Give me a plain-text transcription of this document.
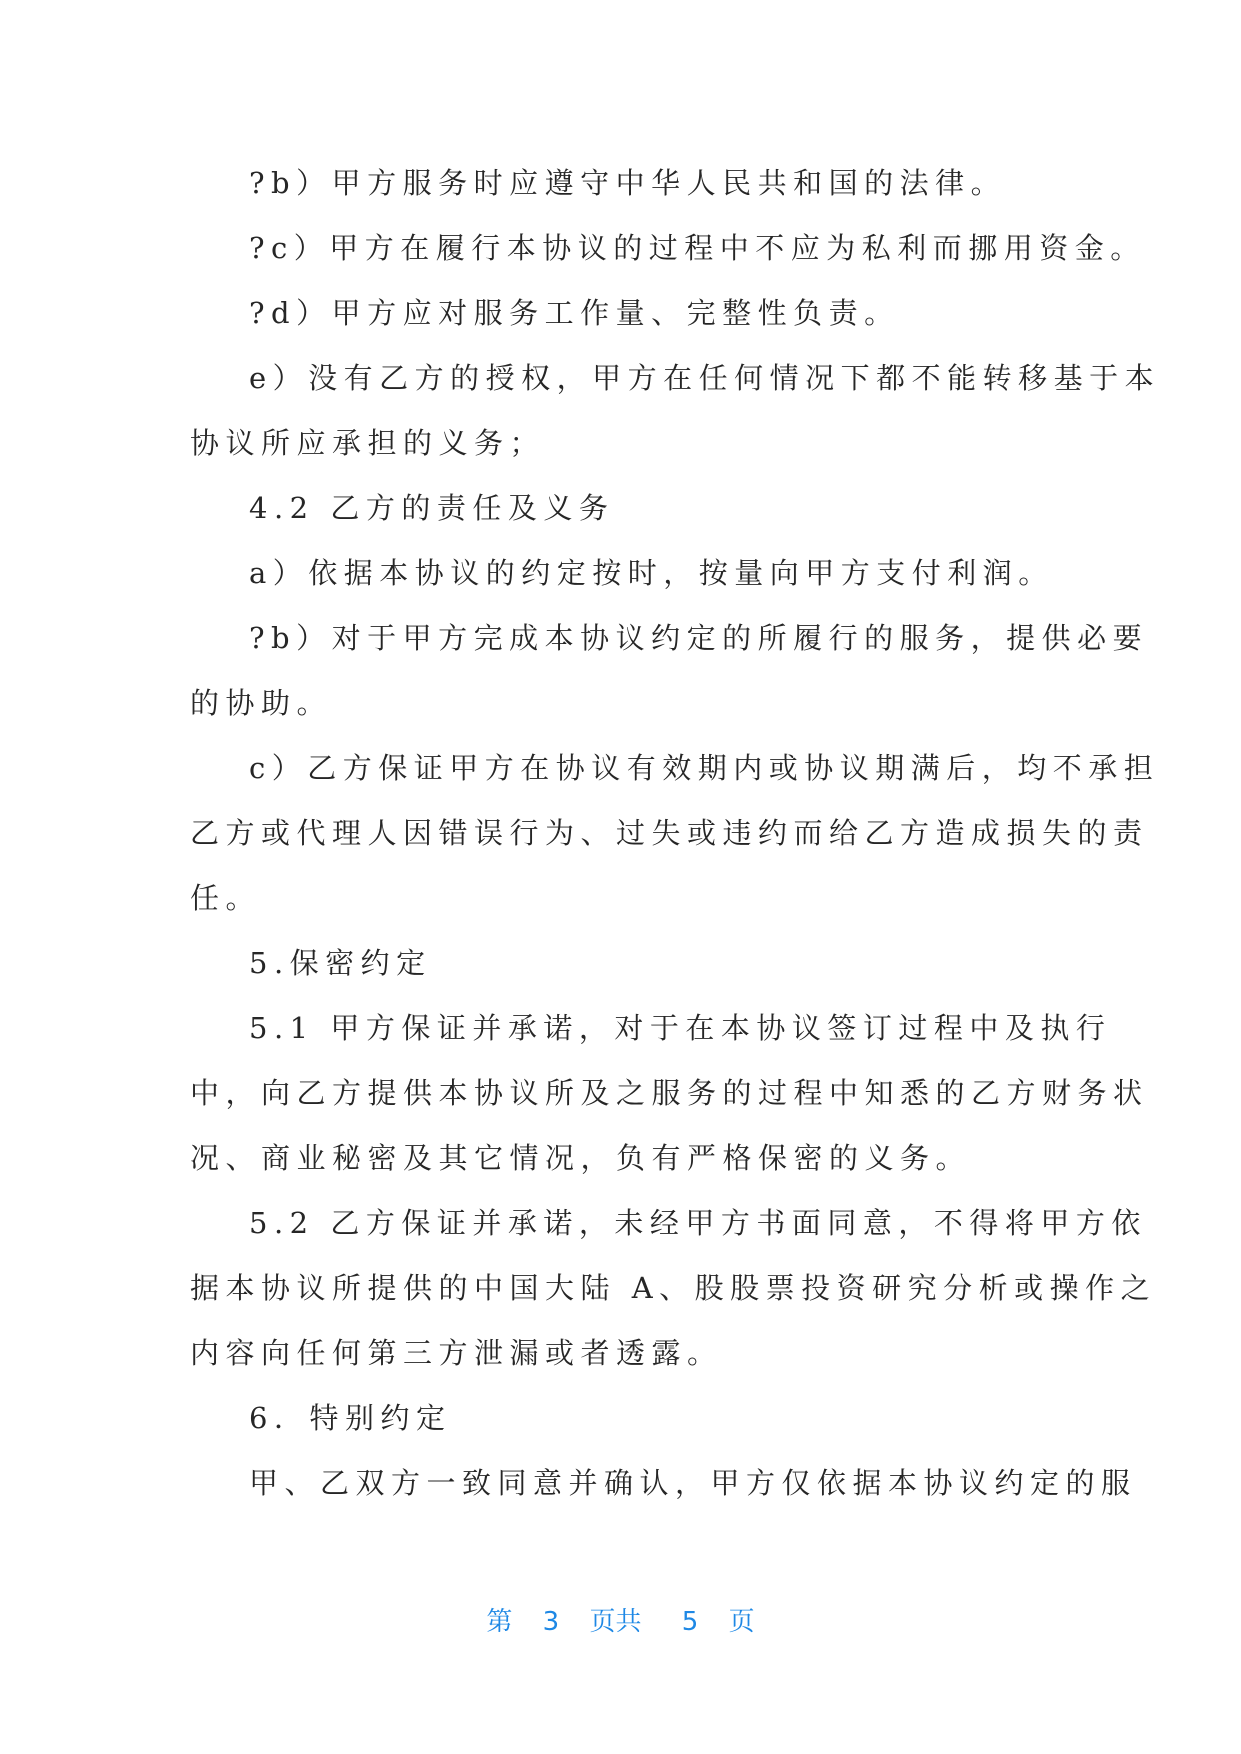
?b）甲方服务时应遵守中华人民共和国的法律。
?c）甲方在履行本协议的过程中不应为私利而挪用资金。
?d）甲方应对服务工作量、完整性负责。
e）没有乙方的授权，甲方在任何情况下都不能转移基于本
协议所应承担的义务；
4.2 乙方的责任及义务
a）依据本协议的约定按时，按量向甲方支付利润。
?b）对于甲方完成本协议约定的所履行的服务，提供必要
的协助。
c）乙方保证甲方在协议有效期内或协议期满后，均不承担
乙方或代理人因错误行为、过失或违约而给乙方造成损失的责
任。
5.保密约定
5.1 甲方保证并承诺，对于在本协议签订过程中及执行
中，向乙方提供本协议所及之服务的过程中知悉的乙方财务状
况、商业秘密及其它情况，负有严格保密的义务。
5.2 乙方保证并承诺，未经甲方书面同意，不得将甲方依
据本协议所提供的中国大陆 A、股股票投资研究分析或操作之
内容向任何第三方泄漏或者透露。
6．特别约定
甲、乙双方一致同意并确认，甲方仅依据本协议约定的服
第 3 页共 5 页
